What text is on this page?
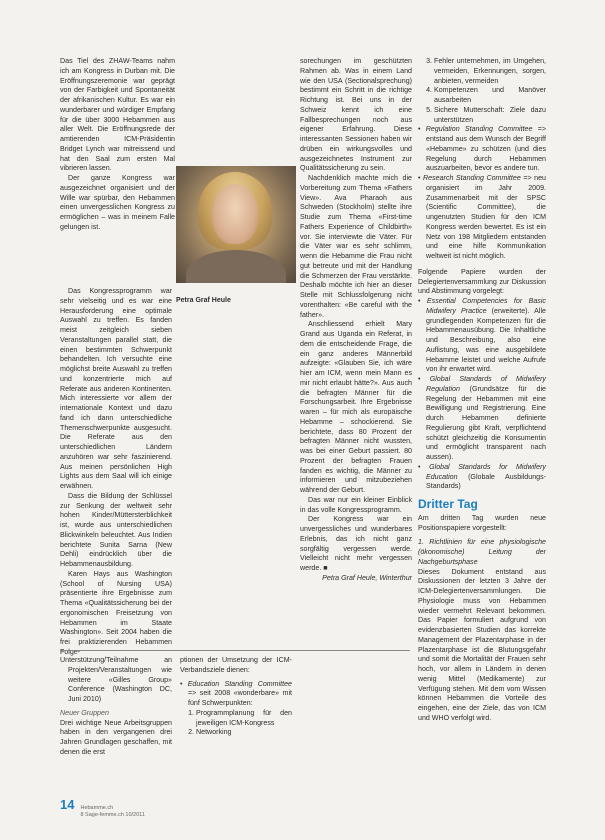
Das Tiel des ZHAW-Teams nahm ich am Kongress in Durban mit. Die Eröffnungszeremonie war geprägt von der Farbigkeit und Spontaneität der afrikanischen Kultur. Es war ein wunderbarer und würdiger Empfang für die über 3000 Hebammen aus aller Welt. Die Eröffnungsrede der amtierenden ICM-Präsidentin Bridget Lynch war mitreissend und hat den Saal zum ersten Mal vibrieren lassen.

Der ganze Kongress war ausgezeichnet organisiert und der Wille war spürbar, den Hebammen einen unvergesslichen Kongress zu ermöglichen – was in meinem Falle gelungen ist.

Petra Graf Heule

Das Kongressprogramm war sehr vielseitig und es war eine Herausforderung eine optimale Auswahl zu treffen. Es fanden meist zeitgleich sieben Veranstaltungen parallel statt, die einen bestimmten Schwerpunkt behandelten. Ich versuchte eine möglichst breite Auswahl zu treffen und konzentrierte mich auf Referate aus anderen Kontinenten. Mich interessierte vor allem der internationale Kontext und dazu fand ich dann unterschiedliche Themenschwerpunkte ausgesucht. Die Referate aus den unterschiedlichen Ländern anzuhören war sehr faszinierend. Aus meinen persönlichen High Lights aus dem Saal will ich einige erwähnen.

Dass die Bildung der Schlüssel zur Senkung der weltweit sehr hohen Kinder/Müttersterblichkeit ist, wurde aus unterschiedlichen Blickwinkeln beleuchtet. Aus Indien berichtete Sunita Sarna (New Dehli) eindrücklich über die Hebammenausbildung.

Karen Hays aus Washington (School of Nursing USA) präsentierte ihre Ergebnisse zum Thema «Qualitätssicherung bei der ergonomischen Freisetzung von Hebammen im Staate Washington». Seit 2004 haben die frei praktizierenden Hebammen Folge-

sorechungen im geschützten Rahmen ab. Was in einem Land wie den USA (Sectionalsprechung) bestimmt ein Schritt in die richtige Richtung ist. Bei uns in der Schweiz kennt ich eine Fallbesprechungen noch aus eigener Erfahrung. Diese interessanten Sessionen haben wir drüben ein wirkungsvolles und ausgezeichnetes Instrument zur Qualitätssicherung zu sein.

Nachdenklich machte mich die Vorbereitung zum Thema «Fathers View». Ava Pharaoh aus Schweden (Stockholm) stellte ihre Studie zum Thema «First-time Fathers Experience of Childbirth» vor. Sie interviewte die Väter. Für die Väter war es sehr schlimm, wenn die Hebamme die Frau nicht gut betreute und mit der Handlung die Schmerzen der Frau verstärkte. Deshalb möchte ich hier an dieser Stelle mit Schlussfolgerung nicht vorenthalten: «Be careful with the father».

Anschliessend erhielt Mary Grand aus Uganda ein Referat, in dem die entscheidende Frage, die ein ganz anderes Männerbild aufzeigte: «Glauben Sie, ich wäre hier am ICM, wenn mein Mann es mir nicht erlaubt hätte?». Aus auch die befragten Männer für die Forschungsarbeit. Ihre Ergebnisse waren – für mich als europäische Hebamme – schockierend. Sie berichtete, dass 80 Prozent der befragten Männer nicht wussten, was bei einer Geburt passiert. 80 Prozent der befragten Frauen fanden es wichtig, die Männer zu informieren und mitzubeziehen während der Geburt.

Das war nur ein kleiner Einblick in das volle Kongressprogramm.

Der Kongress war ein unvergessliches und wunderbares Erlebnis, das ich nicht ganz sorgfältig vergessen werde. Vielleicht nicht mehr vergessen werde. ■

Petra Graf Heule, Winterthur

3. Fehler unternehmen, im Umgehen, vermeiden, Erkennungen, sorgen, anbieten, vermeiden
4. Kompetenzen und Manöver ausarbeiten
5. Sichere Mutterschaft: Ziele dazu unterstützen
• Regulation Standing Committee => entstand aus dem Wunsch der Begriff «Hebamme» zu schützen (und dies Regelung durch Hebammen auszuarbeiten, bevor es andere tun.
• Research Standing Committee => neu organisiert im Jahr 2009. Zusammenarbeit mit der SPSC (Scientific Committee), die ungenutzten Studien für den ICM Kongress werden bewertet. Es ist ein Netz von 198 Mitgliedern entstanden und eine hilfe Kommunikation weltweit ist nicht möglich.

Folgende Papiere wurden der Delegiertenversammlung zur Diskussion und Abstimmung vorgelegt:

• Essential Competencies for Basic Midwifery Practice (erweiterte). Alle grundlegenden Kompetenzen für die Hebammenausübung. Die Inhaltliche und Beschreibung, also eine Auflistung, was eine ausgebildete Hebamme leistet und welche Aufrufe von ihr erwartet wird.
• Global Standards of Midwifery Regulation (Grundsätze für die Regelung der Hebammen mit eine Bewilligung und Registrierung. Eine durch Hebammen definierte Regulierung gibt Kraft, verpflichtend schützt gleichzeitig die Konsumentin und ermöglicht transparent nach aussen).
• Global Standards for Midwifery Education (Globale Ausbildungs-Standards)
Dritter Tag

Am dritten Tag wurden neue Positionspapiere vorgestellt:

1. Richtlinien für eine physiologische (ökonomische) Leitung der Nachgeburtsphase

Dieses Dokument entstand aus Diskussionen der letzten 3 Jahre der ICM-Delegiertenversammlungen. Die Physiologie muss von Hebammen wieder vermehrt Relevant bekommen. Das Papier formuliert aufgrund von evidenzbasierten Studien das korrekte Management der Plazentarphase in der Plazentarphase ist die Blutungsgefahr und somit die Mortalität der Frauen sehr hoch, vor allem in Ländern in denen wenig Mittel (Medikamente) zur Verfügung stehen. Mit dem vom Wissen können Hebammen die Vorteile des eingehen, eine der Ziele, das von ICM und WHO verfolgt wird.

Unterstützung/Teilnahme an Projekten/Veranstaltungen wie weitere «Gilles Group» Conference (Washington DC, Juni 2010)
Neuer Gruppen

Drei wichtige Neue Arbeitsgruppen haben in den vergangenen drei Jahren Grundlagen geschaffen, mit denen die erst

ptionen der Umsetzung der ICM-Verbandsziele dienen:

• Education Standing Committee => seit 2008 «wonderbare» mit fünf Schwerpunkten:
1. Programmplanung für den jeweiligen ICM-Kongress
2. Networking
14 Hebamme.ch
8 Sage-femme.ch 10/2011
